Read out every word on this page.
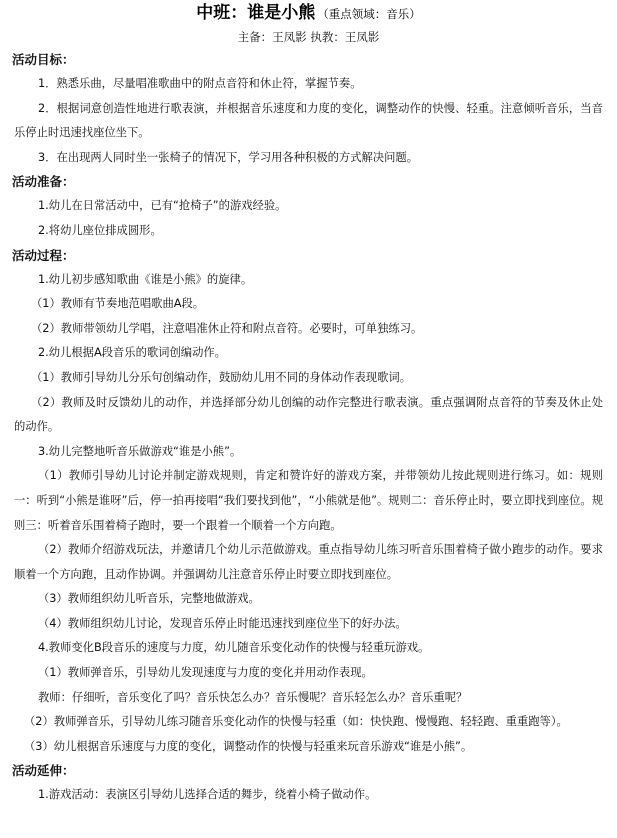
中班：谁是小熊 （重点领域：音乐）
主备：王凤影 执教：王凤影
活动目标：

1．熟悉乐曲，尽量唱准歌曲中的附点音符和休止符，掌握节奏。

2．根据词意创造性地进行歌表演，并根据音乐速度和力度的变化，调整动作的快慢、轻重。注意倾听音乐，当音乐停止时迅速找座位坐下。

3．在出现两人同时坐一张椅子的情况下，学习用各种积极的方式解决问题。

活动准备：

1.幼儿在日常活动中，已有“抢椅子”的游戏经验。

2.将幼儿座位排成圆形。

活动过程：

1.幼儿初步感知歌曲《谁是小熊》的旋律。

（1）教师有节奏地范唱歌曲A段。

（2）教师带领幼儿学唱，注意唱准休止符和附点音符。必要时，可单独练习。

2.幼儿根据A段音乐的歌词创编动作。

（1）教师引导幼儿分乐句创编动作，鼓励幼儿用不同的身体动作表现歌词。

（2）教师及时反馈幼儿的动作，并选择部分幼儿创编的动作完整进行歌表演。重点强调附点音符的节奏及休止处的动作。

3.幼儿完整地听音乐做游戏“谁是小熊”。

（1）教师引导幼儿讨论并制定游戏规则，肯定和赞许好的游戏方案，并带领幼儿按此规则进行练习。如：规则一：听到“小熊是谁呀”后，停一拍再接唱“我们要找到他”，“小熊就是他”。规则二：音乐停止时，要立即找到座位。规则三：听着音乐围着椅子跑时，要一个跟着一个顺着一个方向跑。

（2）教师介绍游戏玩法，并邀请几个幼儿示范做游戏。重点指导幼儿练习听音乐围着椅子做小跑步的动作。要求顺着一个方向跑，且动作协调。并强调幼儿注意音乐停止时要立即找到座位。

（3）教师组织幼儿听音乐，完整地做游戏。

（4）教师组织幼儿讨论，发现音乐停止时能迅速找到座位坐下的好办法。

4.教师变化B段音乐的速度与力度，幼儿随音乐变化动作的快慢与轻重玩游戏。

（1）教师弹音乐，引导幼儿发现速度与力度的变化并用动作表现。

教师：仔细听，音乐变化了吗？音乐快怎么办？音乐慢呢？音乐轻怎么办？音乐重呢？

（2）教师弹音乐，引导幼儿练习随音乐变化动作的快慢与轻重（如：快快跑、慢慢跑、轻轻跑、重重跑等）。

（3）幼儿根据音乐速度与力度的变化，调整动作的快慢与轻重来玩音乐游戏“谁是小熊”。

活动延伸：

1.游戏活动：表演区引导幼儿选择合适的舞步，绕着小椅子做动作。
